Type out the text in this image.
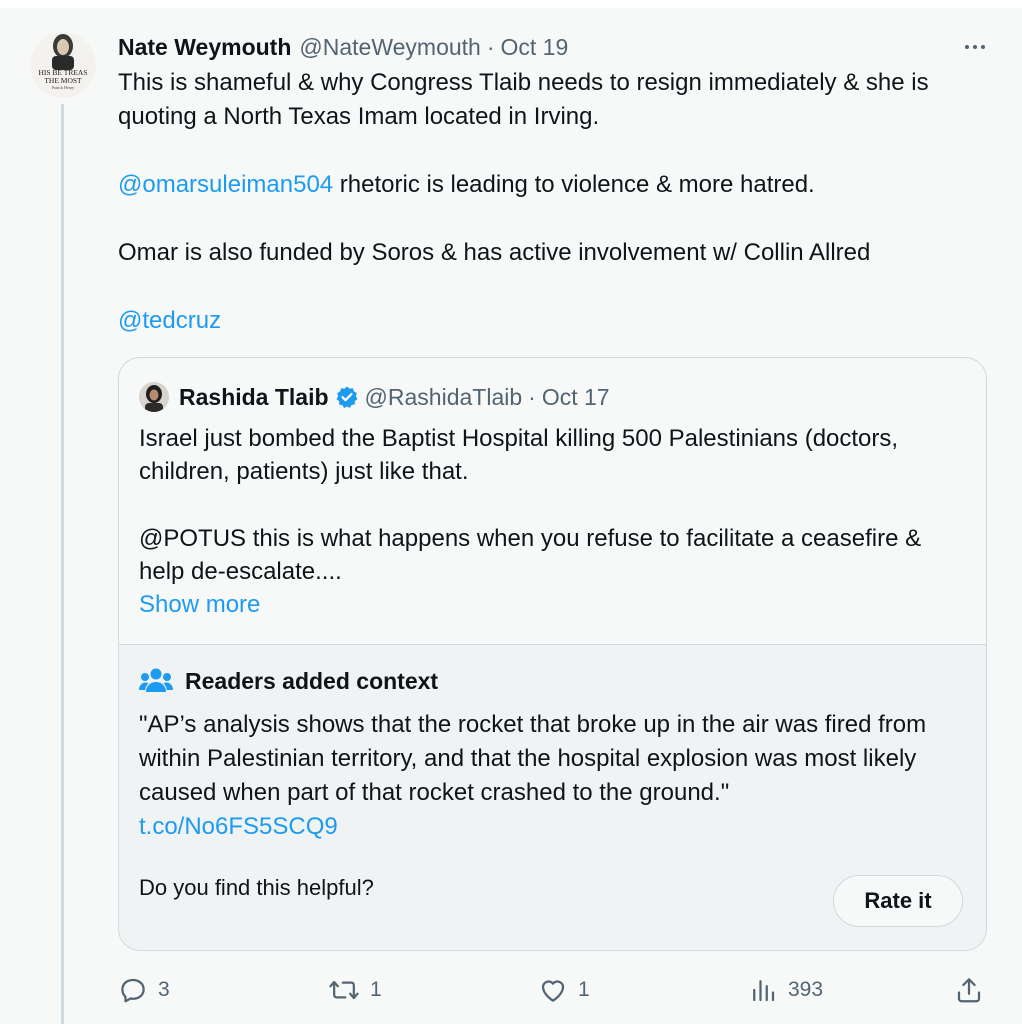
HIS BE TREAS
THE MOST
Patrick Henry
Nate Weymouth @NateWeymouth · Oct 19

This is shameful & why Congress Tlaib needs to resign immediately & she is quoting a North Texas Imam located in Irving.

@omarsuleiman504 rhetoric is leading to violence & more hatred.

Omar is also funded by Soros & has active involvement w/ Collin Allred

@tedcruz

Rashida Tlaib @RashidaTlaib · Oct 17

Israel just bombed the Baptist Hospital killing 500 Palestinians (doctors, children, patients) just like that.

@POTUS this is what happens when you refuse to facilitate a ceasefire & help de-escalate....

Show more

Readers added context

"AP’s analysis shows that the rocket that broke up in the air was fired from within Palestinian territory, and that the hospital explosion was most likely caused when part of that rocket crashed to the ground."

t.co/No6FS5SCQ9

Do you find this helpful?
Rate it
3	1	1	393
